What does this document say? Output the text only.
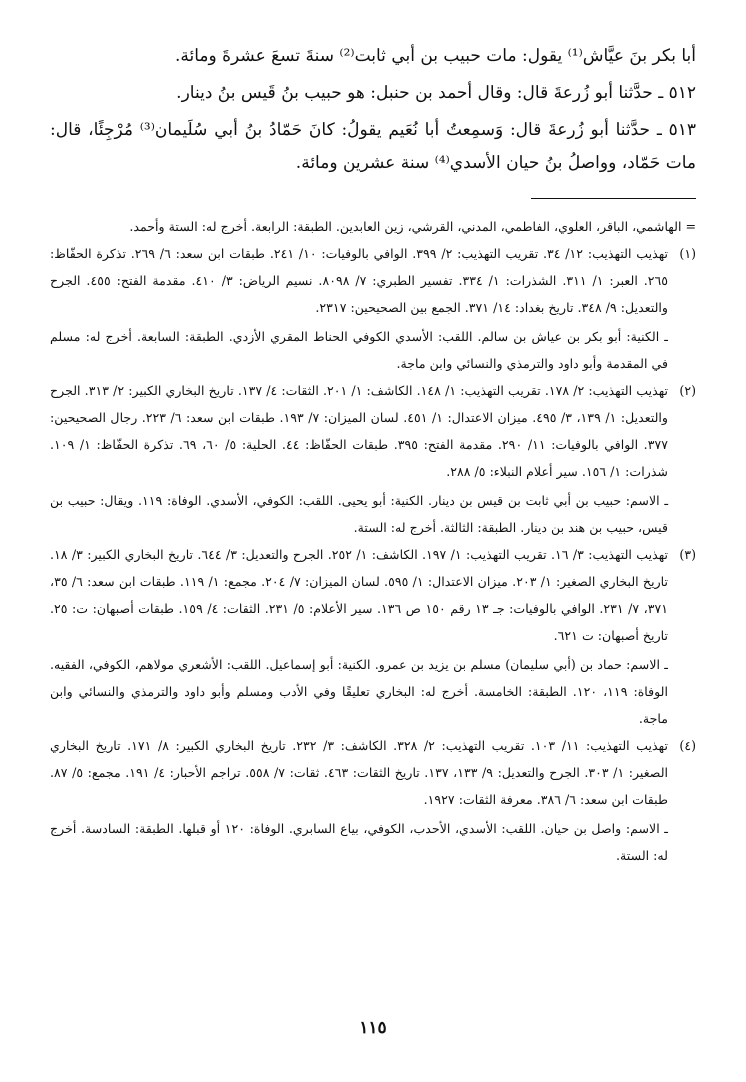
أبا بكر بنَ عيَّاش⁽¹⁾ يقول: مات حبيب بن أبي ثابت⁽²⁾ سنةَ تسعَ عشرةَ ومائة.

٥١٢ ـ حدَّثنا أبو زُرعةَ قال: وقال أحمد بن حنبل: هو حبيب بنُ قَيس بنُ دينار.

٥١٣ ـ حدَّثنا أبو زُرعةَ قال: وَسمِعتُ أبا نُعَيم يقولُ: كانَ حَمّادُ بنُ أبي سُلَيمان⁽³⁾ مُرْجِئًا، قال: مات حَمّاد، وواصلُ بنُ حيان الأسدي⁽⁴⁾ سنة عشرين ومائة.

= الهاشمي، الباقر، العلوي، الفاطمي، المدني، القرشي، زين العابدين. الطبقة: الرابعة. أخرج له: الستة وأحمد.

(١)

تهذيب التهذيب: ١٢/ ٣٤. تقريب التهذيب: ٢/ ٣٩٩. الوافي بالوفيات: ١٠/ ٢٤١. طبقات ابن سعد: ٦/ ٢٦٩. تذكرة الحفّاظ: ٢٦٥. العبر: ١/ ٣١١. الشذرات: ١/ ٣٣٤. تفسير الطبري: ٧/ ٨٠٩٨. نسيم الرياض: ٣/ ٤١٠. مقدمة الفتح: ٤٥٥. الجرح والتعديل: ٩/ ٣٤٨. تاريخ بغداد: ١٤/ ٣٧١. الجمع بين الصحيحين: ٢٣١٧.

ـ الكنية: أبو بكر بن عياش بن سالم. اللقب: الأسدي الكوفي الحناط المقري الأزدي. الطبقة: السابعة. أخرج له: مسلم في المقدمة وأبو داود والترمذي والنسائي وابن ماجة.

(٢)

تهذيب التهذيب: ٢/ ١٧٨. تقريب التهذيب: ١/ ١٤٨. الكاشف: ١/ ٢٠١. الثقات: ٤/ ١٣٧. تاريخ البخاري الكبير: ٢/ ٣١٣. الجرح والتعديل: ١/ ١٣٩، ٣/ ٤٩٥. ميزان الاعتدال: ١/ ٤٥١. لسان الميزان: ٧/ ١٩٣. طبقات ابن سعد: ٦/ ٢٢٣. رجال الصحيحين: ٣٧٧. الوافي بالوفيات: ١١/ ٢٩٠. مقدمة الفتح: ٣٩٥. طبقات الحفّاظ: ٤٤. الحلية: ٥/ ٦٠، ٦٩. تذكرة الحفّاظ: ١/ ١٠٩. شذرات: ١/ ١٥٦. سير أعلام النبلاء: ٥/ ٢٨٨.

ـ الاسم: حبيب بن أبي ثابت بن قيس بن دينار. الكنية: أبو يحيى. اللقب: الكوفي، الأسدي. الوفاة: ١١٩. ويقال: حبيب بن قيس، حبيب بن هند بن دينار. الطبقة: الثالثة. أخرج له: الستة.

(٣)

تهذيب التهذيب: ٣/ ١٦. تقريب التهذيب: ١/ ١٩٧. الكاشف: ١/ ٢٥٢. الجرح والتعديل: ٣/ ٦٤٤. تاريخ البخاري الكبير: ٣/ ١٨. تاريخ البخاري الصغير: ١/ ٢٠٣. ميزان الاعتدال: ١/ ٥٩٥. لسان الميزان: ٧/ ٢٠٤. مجمع: ١/ ١١٩. طبقات ابن سعد: ٦/ ٣٥، ٣٧١، ٧/ ٢٣١. الوافي بالوفيات: جـ ١٣ رقم ١٥٠ ص ١٣٦. سير الأعلام: ٥/ ٢٣١. الثقات: ٤/ ١٥٩. طبقات أصبهان: ت: ٢٥. تاريخ أصبهان: ت ٦٢١.

ـ الاسم: حماد بن (أبي سليمان) مسلم بن يزيد بن عمرو. الكنية: أبو إسماعيل. اللقب: الأشعري مولاهم، الكوفي، الفقيه. الوفاة: ١١٩، ١٢٠. الطبقة: الخامسة. أخرج له: البخاري تعليقًا وفي الأدب ومسلم وأبو داود والترمذي والنسائي وابن ماجة.

(٤)

تهذيب التهذيب: ١١/ ١٠٣. تقريب التهذيب: ٢/ ٣٢٨. الكاشف: ٣/ ٢٣٢. تاريخ البخاري الكبير: ٨/ ١٧١. تاريخ البخاري الصغير: ١/ ٣٠٣. الجرح والتعديل: ٩/ ١٣٣، ١٣٧. تاريخ الثقات: ٤٦٣. ثقات: ٧/ ٥٥٨. تراجم الأحبار: ٤/ ١٩١. مجمع: ٥/ ٨٧. طبقات ابن سعد: ٦/ ٣٨٦. معرفة الثقات: ١٩٢٧.

ـ الاسم: واصل بن حيان. اللقب: الأسدي، الأحدب، الكوفي، بياع السابري. الوفاة: ١٢٠ أو قبلها. الطبقة: السادسة. أخرج له: الستة.

١١٥
